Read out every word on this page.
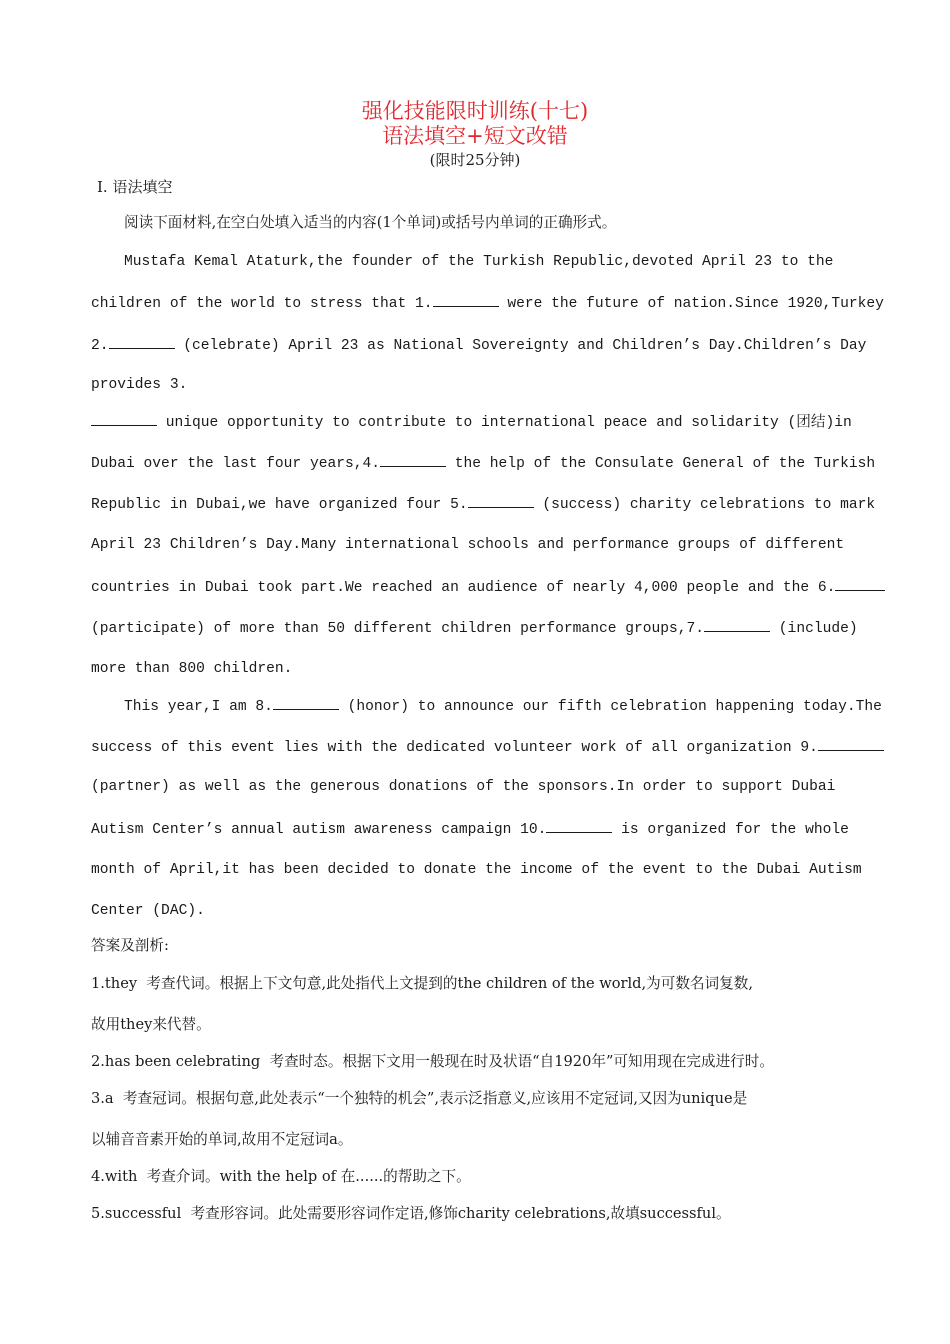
强化技能限时训练(十七)
语法填空+短文改错
(限时25分钟)
Ⅰ. 语法填空
阅读下面材料,在空白处填入适当的内容(1个单词)或括号内单词的正确形式。
Mustafa Kemal Ataturk,the founder of the Turkish Republic,devoted April 23 to the
children of the world to stress that 1.	were the future of nation.Since 1920,Turkey
2.	(celebrate) April 23 as National Sovereignty and Children’s Day.Children’s Day
provides 3.
unique opportunity to contribute to international peace and solidarity (团结)in
Dubai over the last four years,4.	the help of the Consulate General of the Turkish
Republic in Dubai,we have organized four 5.	(success) charity celebrations to mark
April 23 Children’s Day.Many international schools and performance groups of different
countries in Dubai took part.We reached an audience of nearly 4,000 people and the 6.
(participate) of more than 50 different children performance groups,7.	(include)
more than 800 children.
This year,I am 8.	(honor) to announce our fifth celebration happening today.The
success of this event lies with the dedicated volunteer work of all organization 9.
(partner) as well as the generous donations of the sponsors.In order to support Dubai
Autism Center’s annual autism awareness campaign 10.	is organized for the whole
month of April,it has been decided to donate the income of the event to the Dubai Autism
Center (DAC).
答案及剖析:
1.they  考查代词。根据上下文句意,此处指代上文提到的the children of the world,为可数名词复数,
故用they来代替。
2.has been celebrating  考查时态。根据下文用一般现在时及状语“自1920年”可知用现在完成进行时。
3.a  考查冠词。根据句意,此处表示“一个独特的机会”,表示泛指意义,应该用不定冠词,又因为unique是
以辅音音素开始的单词,故用不定冠词a。
4.with  考查介词。with the help of 在......的帮助之下。
5.successful  考查形容词。此处需要形容词作定语,修饰charity celebrations,故填successful。
